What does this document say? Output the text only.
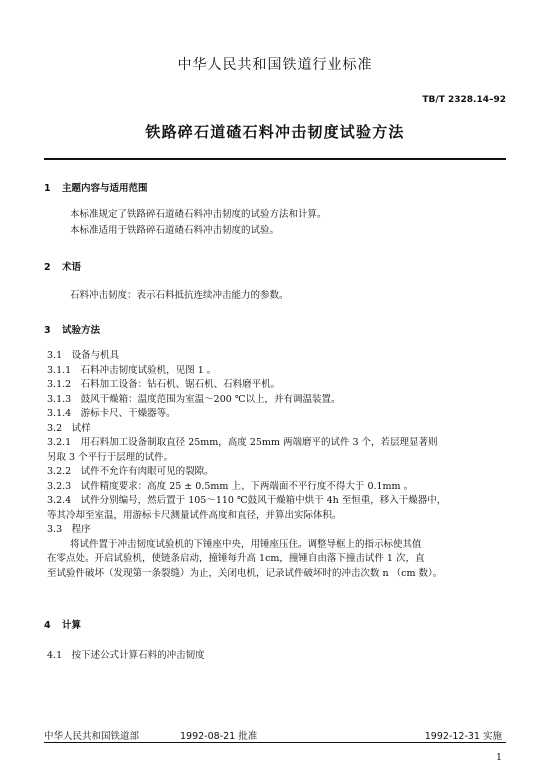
中华人民共和国铁道行业标准
TB/T 2328.14–92
铁路碎石道碴石料冲击韧度试验方法
1 主题内容与适用范围
本标准规定了铁路碎石道碴石料冲击韧度的试验方法和计算。
本标准适用于铁路碎石道碴石料冲击韧度的试验。
2 术语
石料冲击韧度：表示石料抵抗连续冲击能力的参数。
3 试验方法
3.1　设备与机具
3.1.1　石料冲击韧度试验机，见图 1 。
3.1.2　石料加工设备：钻石机、锯石机、石料磨平机。
3.1.3　鼓风干燥箱：温度范围为室温～200 ℃以上，并有调温装置。
3.1.4　游标卡尺、干燥器等。
3.2　试样
3.2.1　用石料加工设备制取直径 25mm，高度 25mm 两端磨平的试件 3 个，若层理显著则
另取 3 个平行于层理的试件。
3.2.2　试件不允许有肉眼可见的裂隙。
3.2.3　试件精度要求：高度 25 ± 0.5mm 上、下两端面不平行度不得大于 0.1mm 。
3.2.4　试件分别编号，然后置于 105～110 ℃鼓风干燥箱中烘干 4h 至恒重，移入干燥器中，
等其冷却至室温，用游标卡尺测量试件高度和直径，并算出实际体积。
3.3　程序
将试件置于冲击韧度试验机的下锤座中央，用锤座压住。调整导框上的指示标使其值
在零点处。开启试验机，使链条启动，撞锤每升高 1cm，撞锤自由落下撞击试件 1 次，直
至试验件破坏（发现第一条裂缝）为止，关闭电机，记录试件破坏时的冲击次数 n （cm 数）。
4 计算
4.1　按下述公式计算石料的冲击韧度
中华人民共和国铁道部	1992-08-21 批准	1992-12-31 实施
1
